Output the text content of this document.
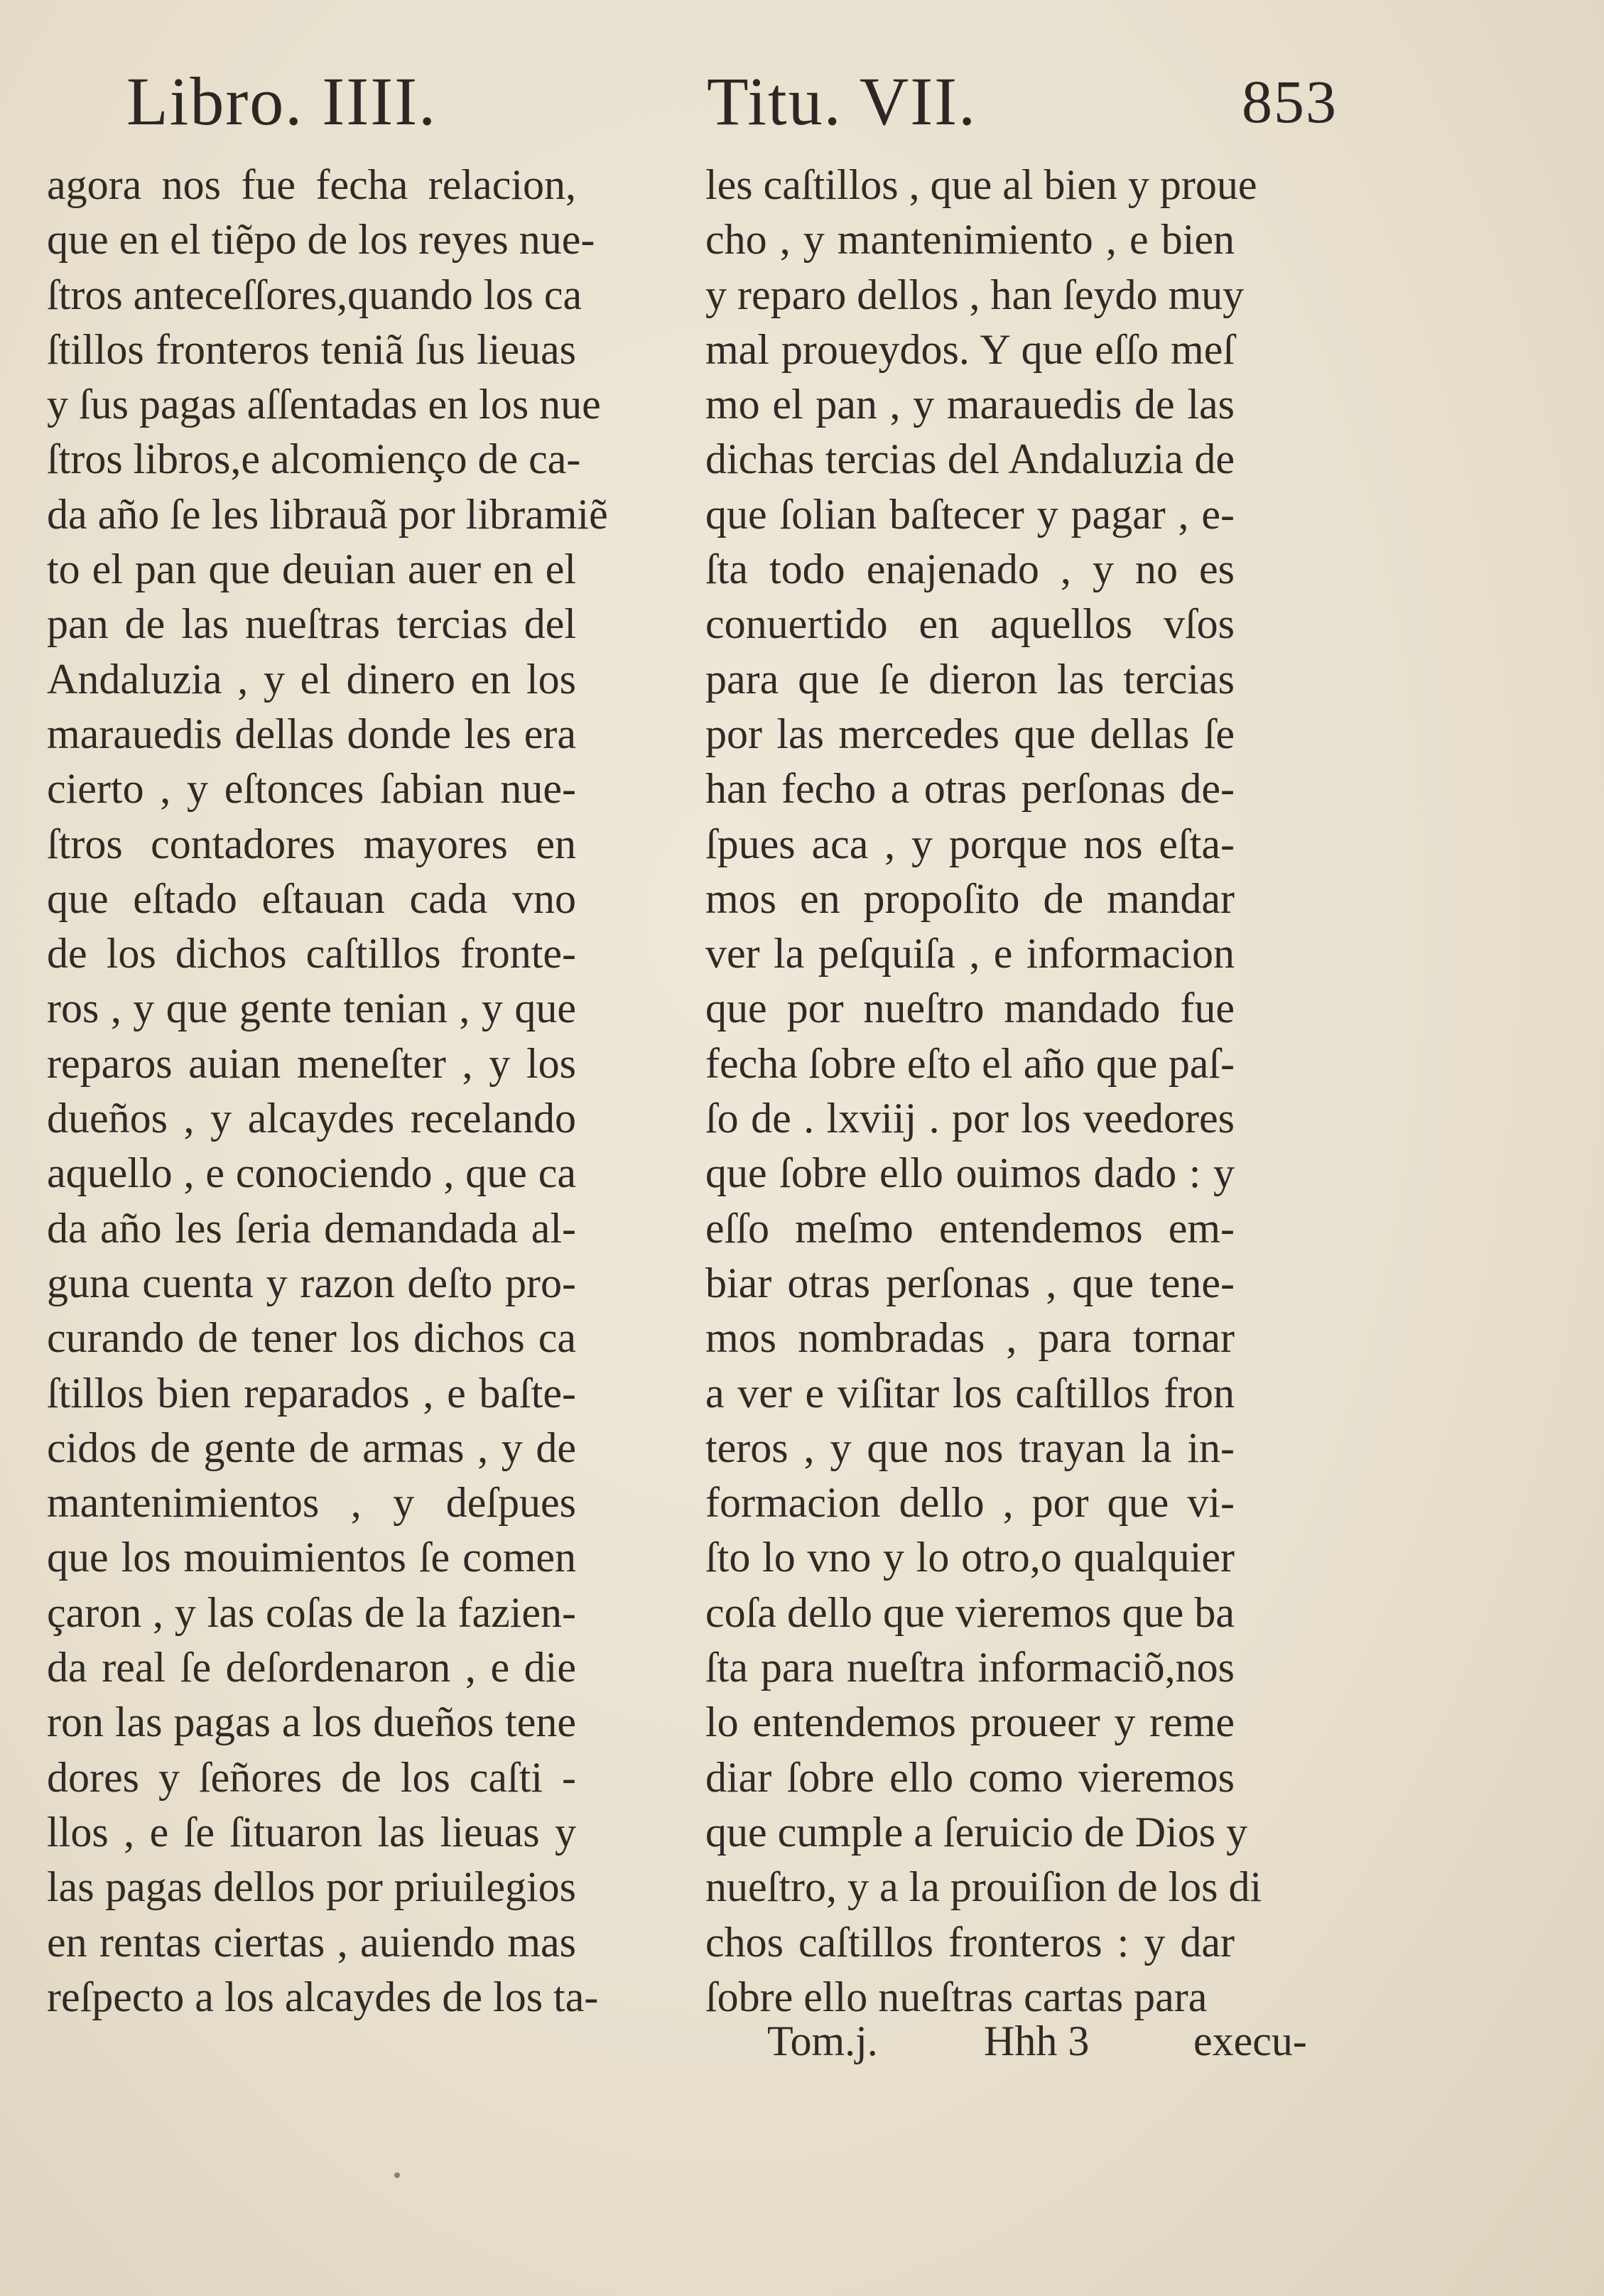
Libro. IIII.	Titu. VII.	853
agora nos fue fecha relacion,
que en el tiẽpo de los reyes nue-
ſtros anteceſſores,quando los ca
ſtillos fronteros teniã ſus lieuas
y ſus pagas aſſentadas en los nue
ſtros libros,e alcomienço de ca-
da año ſe les librauã por libramiẽ
to el pan que deuian auer en el
pan de las nueſtras tercias del
Andaluzia , y el dinero en los
marauedis dellas donde les era
cierto , y eſtonces ſabian nue-
ſtros contadores mayores en
que eſtado eſtauan cada vno
de los dichos caſtillos fronte-
ros , y que gente tenian , y que
reparos auian meneſter , y los
dueños , y alcaydes recelando
aquello , e conociendo , que ca
da año les ſeria demandada al-
guna cuenta y razon deſto pro-
curando de tener los dichos ca
ſtillos bien reparados , e baſte-
cidos de gente de armas , y de
mantenimientos , y deſpues
que los mouimientos ſe comen
çaron , y las coſas de la fazien-
da real ſe deſordenaron , e die
ron las pagas a los dueños tene
dores y ſeñores de los caſti -
llos , e ſe ſituaron las lieuas y
las pagas dellos por priuilegios
en rentas ciertas , auiendo mas
reſpecto a los alcaydes de los ta-
les caſtillos , que al bien y proue
cho , y mantenimiento , e bien
y reparo dellos , han ſeydo muy
mal proueydos. Y que eſſo meſ
mo el pan , y marauedis de las
dichas tercias del Andaluzia de
que ſolian baſtecer y pagar , e-
ſta todo enajenado , y no es
conuertido en aquellos vſos
para que ſe dieron las tercias
por las mercedes que dellas ſe
han fecho a otras perſonas de-
ſpues aca , y porque nos eſta-
mos en propoſito de mandar
ver la peſquiſa , e informacion
que por nueſtro mandado fue
fecha ſobre eſto el año que paſ-
ſo de . lxviij . por los veedores
que ſobre ello ouimos dado : y
eſſo meſmo entendemos em-
biar otras perſonas , que tene-
mos nombradas , para tornar
a ver e viſitar los caſtillos fron
teros , y que nos trayan la in-
formacion dello , por que vi-
ſto lo vno y lo otro,o qualquier
coſa dello que vieremos que ba
ſta para nueſtra informaciõ,nos
lo entendemos proueer y reme
diar ſobre ello como vieremos
que cumple a ſeruicio de Dios y
nueſtro, y a la prouiſion de los di
chos caſtillos fronteros : y dar
ſobre ello nueſtras cartas para
Tom.j. Hhh 3 execu-
